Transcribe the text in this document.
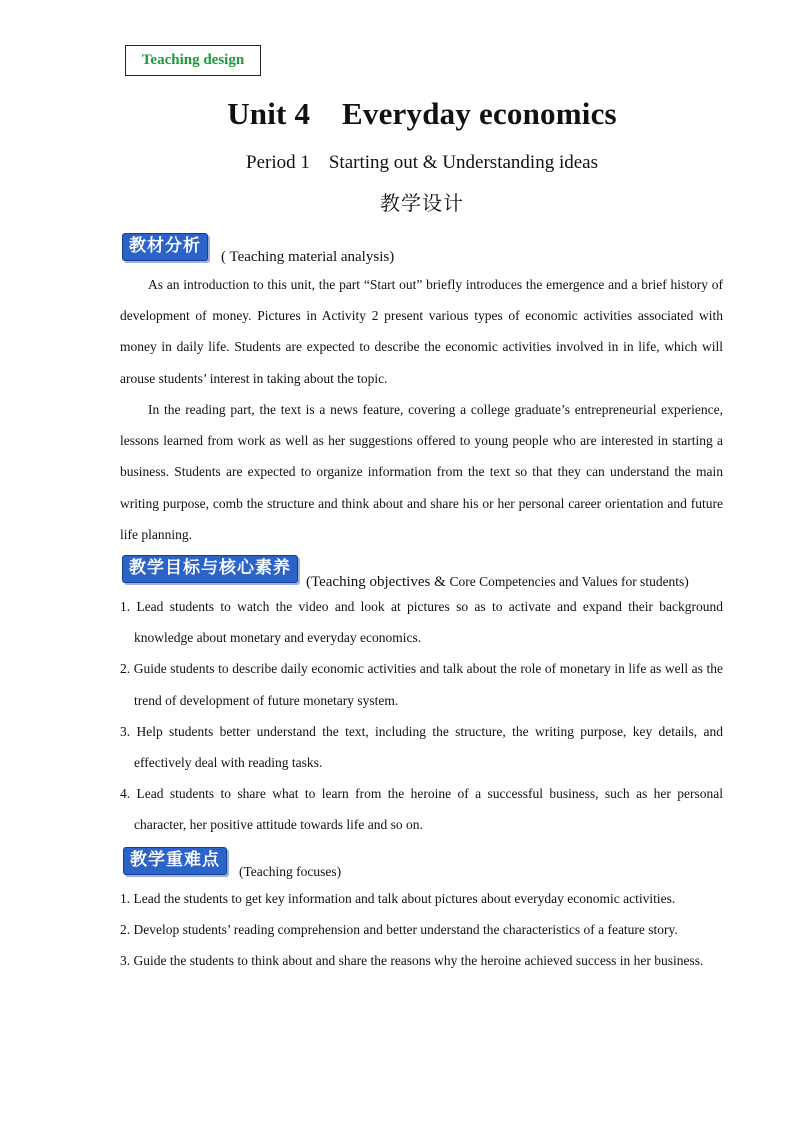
Teaching design
Unit 4    Everyday economics
Period 1    Starting out & Understanding ideas
教学设计
教材分析
( Teaching material analysis)

As an introduction to this unit, the part “Start out” briefly introduces the emergence and a brief history of development of money. Pictures in Activity 2 present various types of economic activities associated with money in daily life. Students are expected to describe the economic activities involved in in life, which will arouse students’ interest in taking about the topic.

In the reading part, the text is a news feature, covering a college graduate’s entrepreneurial experience, lessons learned from work as well as her suggestions offered to young people who are interested in starting a business. Students are expected to organize information from the text so that they can understand the main writing purpose, comb the structure and think about and share his or her personal career orientation and future life planning.

教学目标与核心素养
(Teaching objectives & Core Competencies and Values for students)
1. Lead students to watch the video and look at pictures so as to activate and expand their background knowledge about monetary and everyday economics.
2. Guide students to describe daily economic activities and talk about the role of monetary in life as well as the trend of development of future monetary system.
3. Help students better understand the text, including the structure, the writing purpose, key details, and effectively deal with reading tasks.
4. Lead students to share what to learn from the heroine of a successful business, such as her personal character, her positive attitude towards life and so on.
教学重难点
(Teaching focuses)
1. Lead the students to get key information and talk about pictures about everyday economic activities.
2. Develop students’ reading comprehension and better understand the characteristics of a feature story.
3. Guide the students to think about and share the reasons why the heroine achieved success in her business.
